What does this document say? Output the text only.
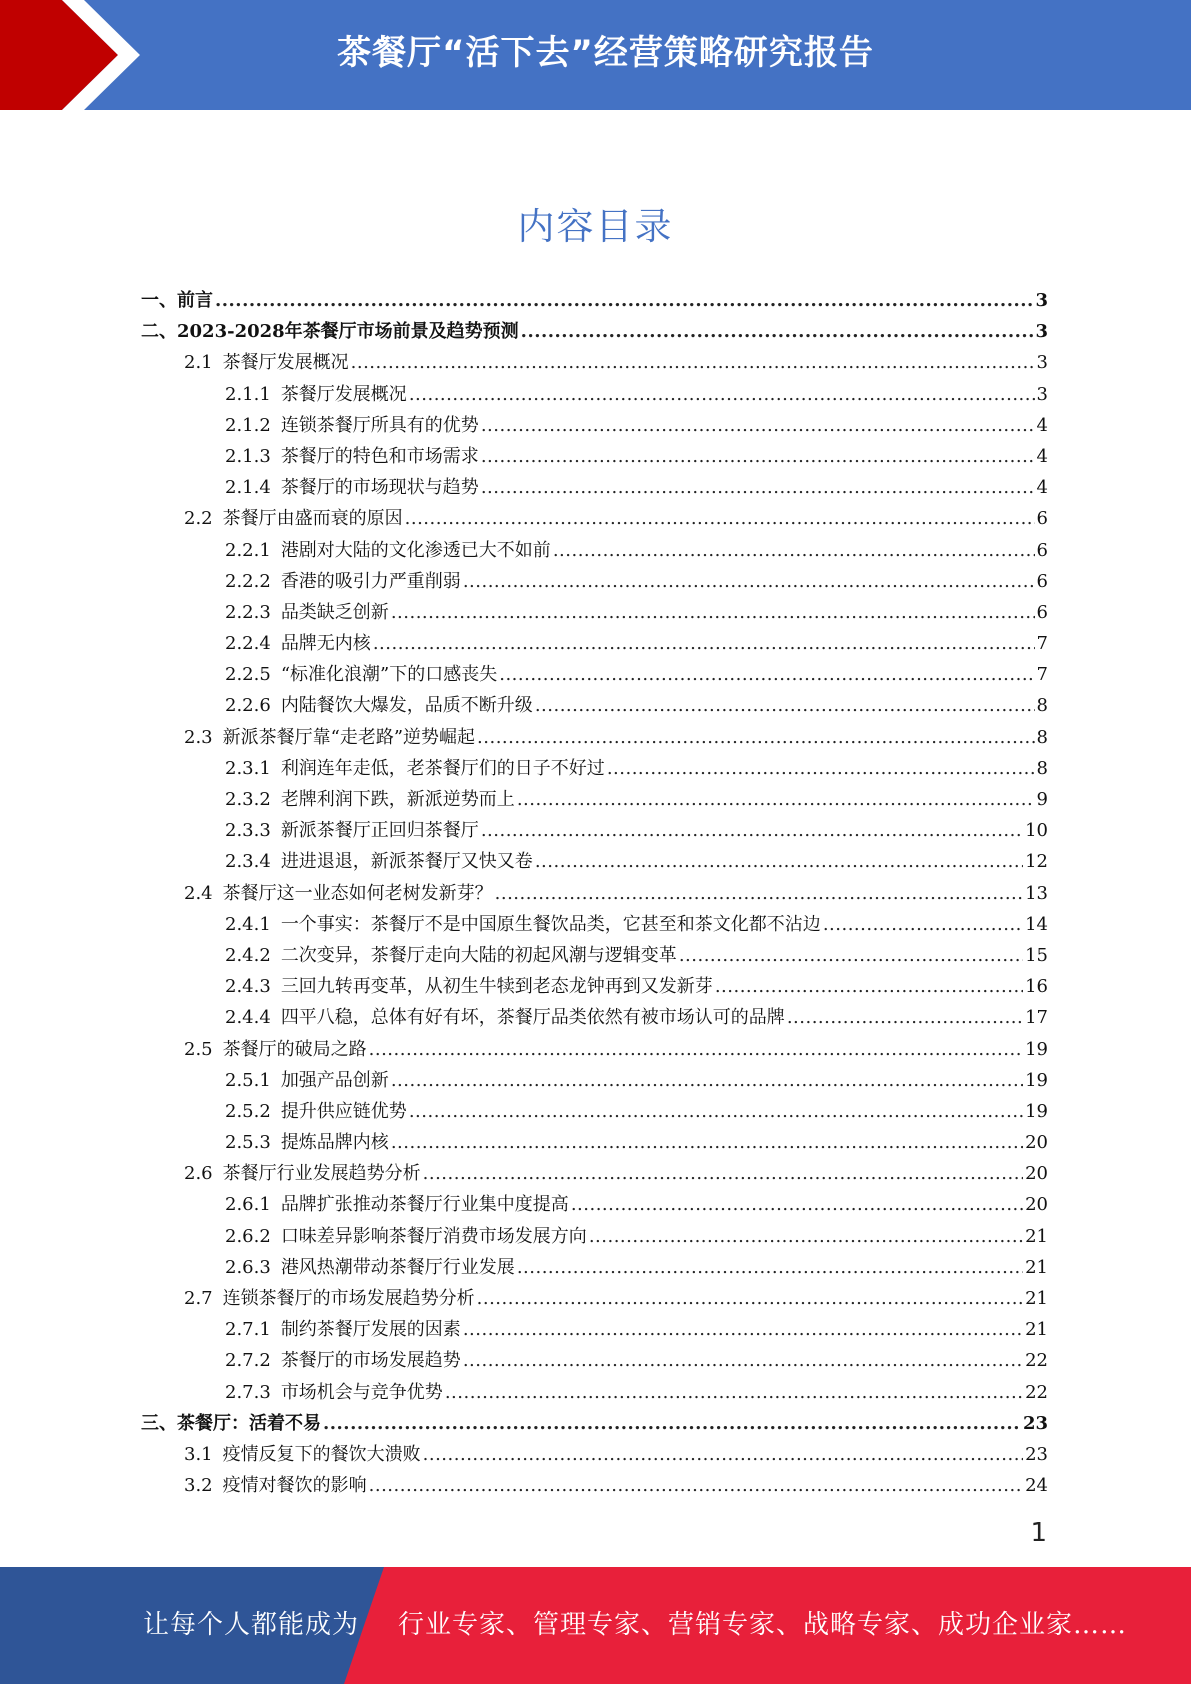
茶餐厅“活下去”经营策略研究报告
内容目录
一、前言 .....	3
二、2023-2028年茶餐厅市场前景及趋势预测 .....	3
2.1 茶餐厅发展概况 .....	3
2.1.1 茶餐厅发展概况 .....	3
2.1.2 连锁茶餐厅所具有的优势 .....	4
2.1.3 茶餐厅的特色和市场需求 .....	4
2.1.4 茶餐厅的市场现状与趋势 .....	4
2.2 茶餐厅由盛而衰的原因 .....	6
2.2.1 港剧对大陆的文化渗透已大不如前 .....	6
2.2.2 香港的吸引力严重削弱 .....	6
2.2.3 品类缺乏创新 .....	6
2.2.4 品牌无内核 .....	7
2.2.5 “标准化浪潮”下的口感丧失 .....	7
2.2.6 内陆餐饮大爆发，品质不断升级 .....	8
2.3 新派茶餐厅靠“走老路”逆势崛起 .....	8
2.3.1 利润连年走低，老茶餐厅们的日子不好过 .....	8
2.3.2 老牌利润下跌，新派逆势而上 .....	9
2.3.3 新派茶餐厅正回归茶餐厅 .....	10
2.3.4 进进退退，新派茶餐厅又快又卷 .....	12
2.4 茶餐厅这一业态如何老树发新芽？ .....	13
2.4.1 一个事实：茶餐厅不是中国原生餐饮品类，它甚至和茶文化都不沾边 .....	14
2.4.2 二次变异，茶餐厅走向大陆的初起风潮与逻辑变革 .....	15
2.4.3 三回九转再变革，从初生牛犊到老态龙钟再到又发新芽 .....	16
2.4.4 四平八稳，总体有好有坏，茶餐厅品类依然有被市场认可的品牌 .....	17
2.5 茶餐厅的破局之路 .....	19
2.5.1 加强产品创新 .....	19
2.5.2 提升供应链优势 .....	19
2.5.3 提炼品牌内核 .....	20
2.6 茶餐厅行业发展趋势分析 .....	20
2.6.1 品牌扩张推动茶餐厅行业集中度提高 .....	20
2.6.2 口味差异影响茶餐厅消费市场发展方向 .....	21
2.6.3 港风热潮带动茶餐厅行业发展 .....	21
2.7 连锁茶餐厅的市场发展趋势分析 .....	21
2.7.1 制约茶餐厅发展的因素 .....	21
2.7.2 茶餐厅的市场发展趋势 .....	22
2.7.3 市场机会与竞争优势 .....	22
三、茶餐厅：活着不易 .....	23
3.1 疫情反复下的餐饮大溃败 .....	23
3.2 疫情对餐饮的影响 .....	24
1
让每个人都能成为 行业专家、管理专家、营销专家、战略专家、成功企业家……
